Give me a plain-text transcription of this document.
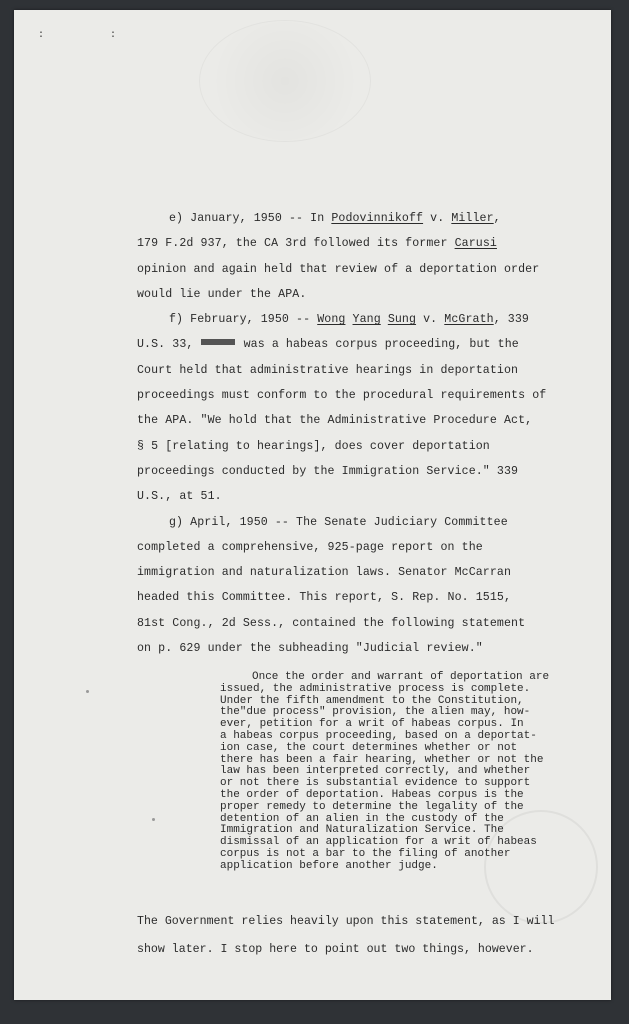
: :
e) January, 1950 -- In Podovinnikoff v. Miller,
179 F.2d 937, the CA 3rd followed its former Carusi
opinion and again held that review of a deportation order
would lie under the APA.
f) February, 1950 -- Wong Yang Sung v. McGrath, 339
U.S. 33,	was a habeas corpus proceeding, but the
Court held that administrative hearings in deportation
proceedings must conform to the procedural requirements of
the APA. "We hold that the Administrative Procedure Act,
§ 5 [relating to hearings], does cover deportation
proceedings conducted by the Immigration Service." 339
U.S., at 51.
g) April, 1950 -- The Senate Judiciary Committee
completed a comprehensive, 925-page report on the
immigration and naturalization laws. Senator McCarran
headed this Committee. This report, S. Rep. No. 1515,
81st Cong., 2d Sess., contained the following statement
on p. 629 under the subheading "Judicial review."
Once the order and warrant of deportation are
issued, the administrative process is complete.
Under the fifth amendment to the Constitution,
the"due process" provision, the alien may, how-
ever, petition for a writ of habeas corpus. In
a habeas corpus proceeding, based on a deportat-
ion case, the court determines whether or not
there has been a fair hearing, whether or not the
law has been interpreted correctly, and whether
or not there is substantial evidence to support
the order of deportation. Habeas corpus is the
proper remedy to determine the legality of the
detention of an alien in the custody of the
Immigration and Naturalization Service. The
dismissal of an application for a writ of habeas
corpus is not a bar to the filing of another
application before another judge.
The Government relies heavily upon this statement, as I will
show later. I stop here to point out two things, however.
